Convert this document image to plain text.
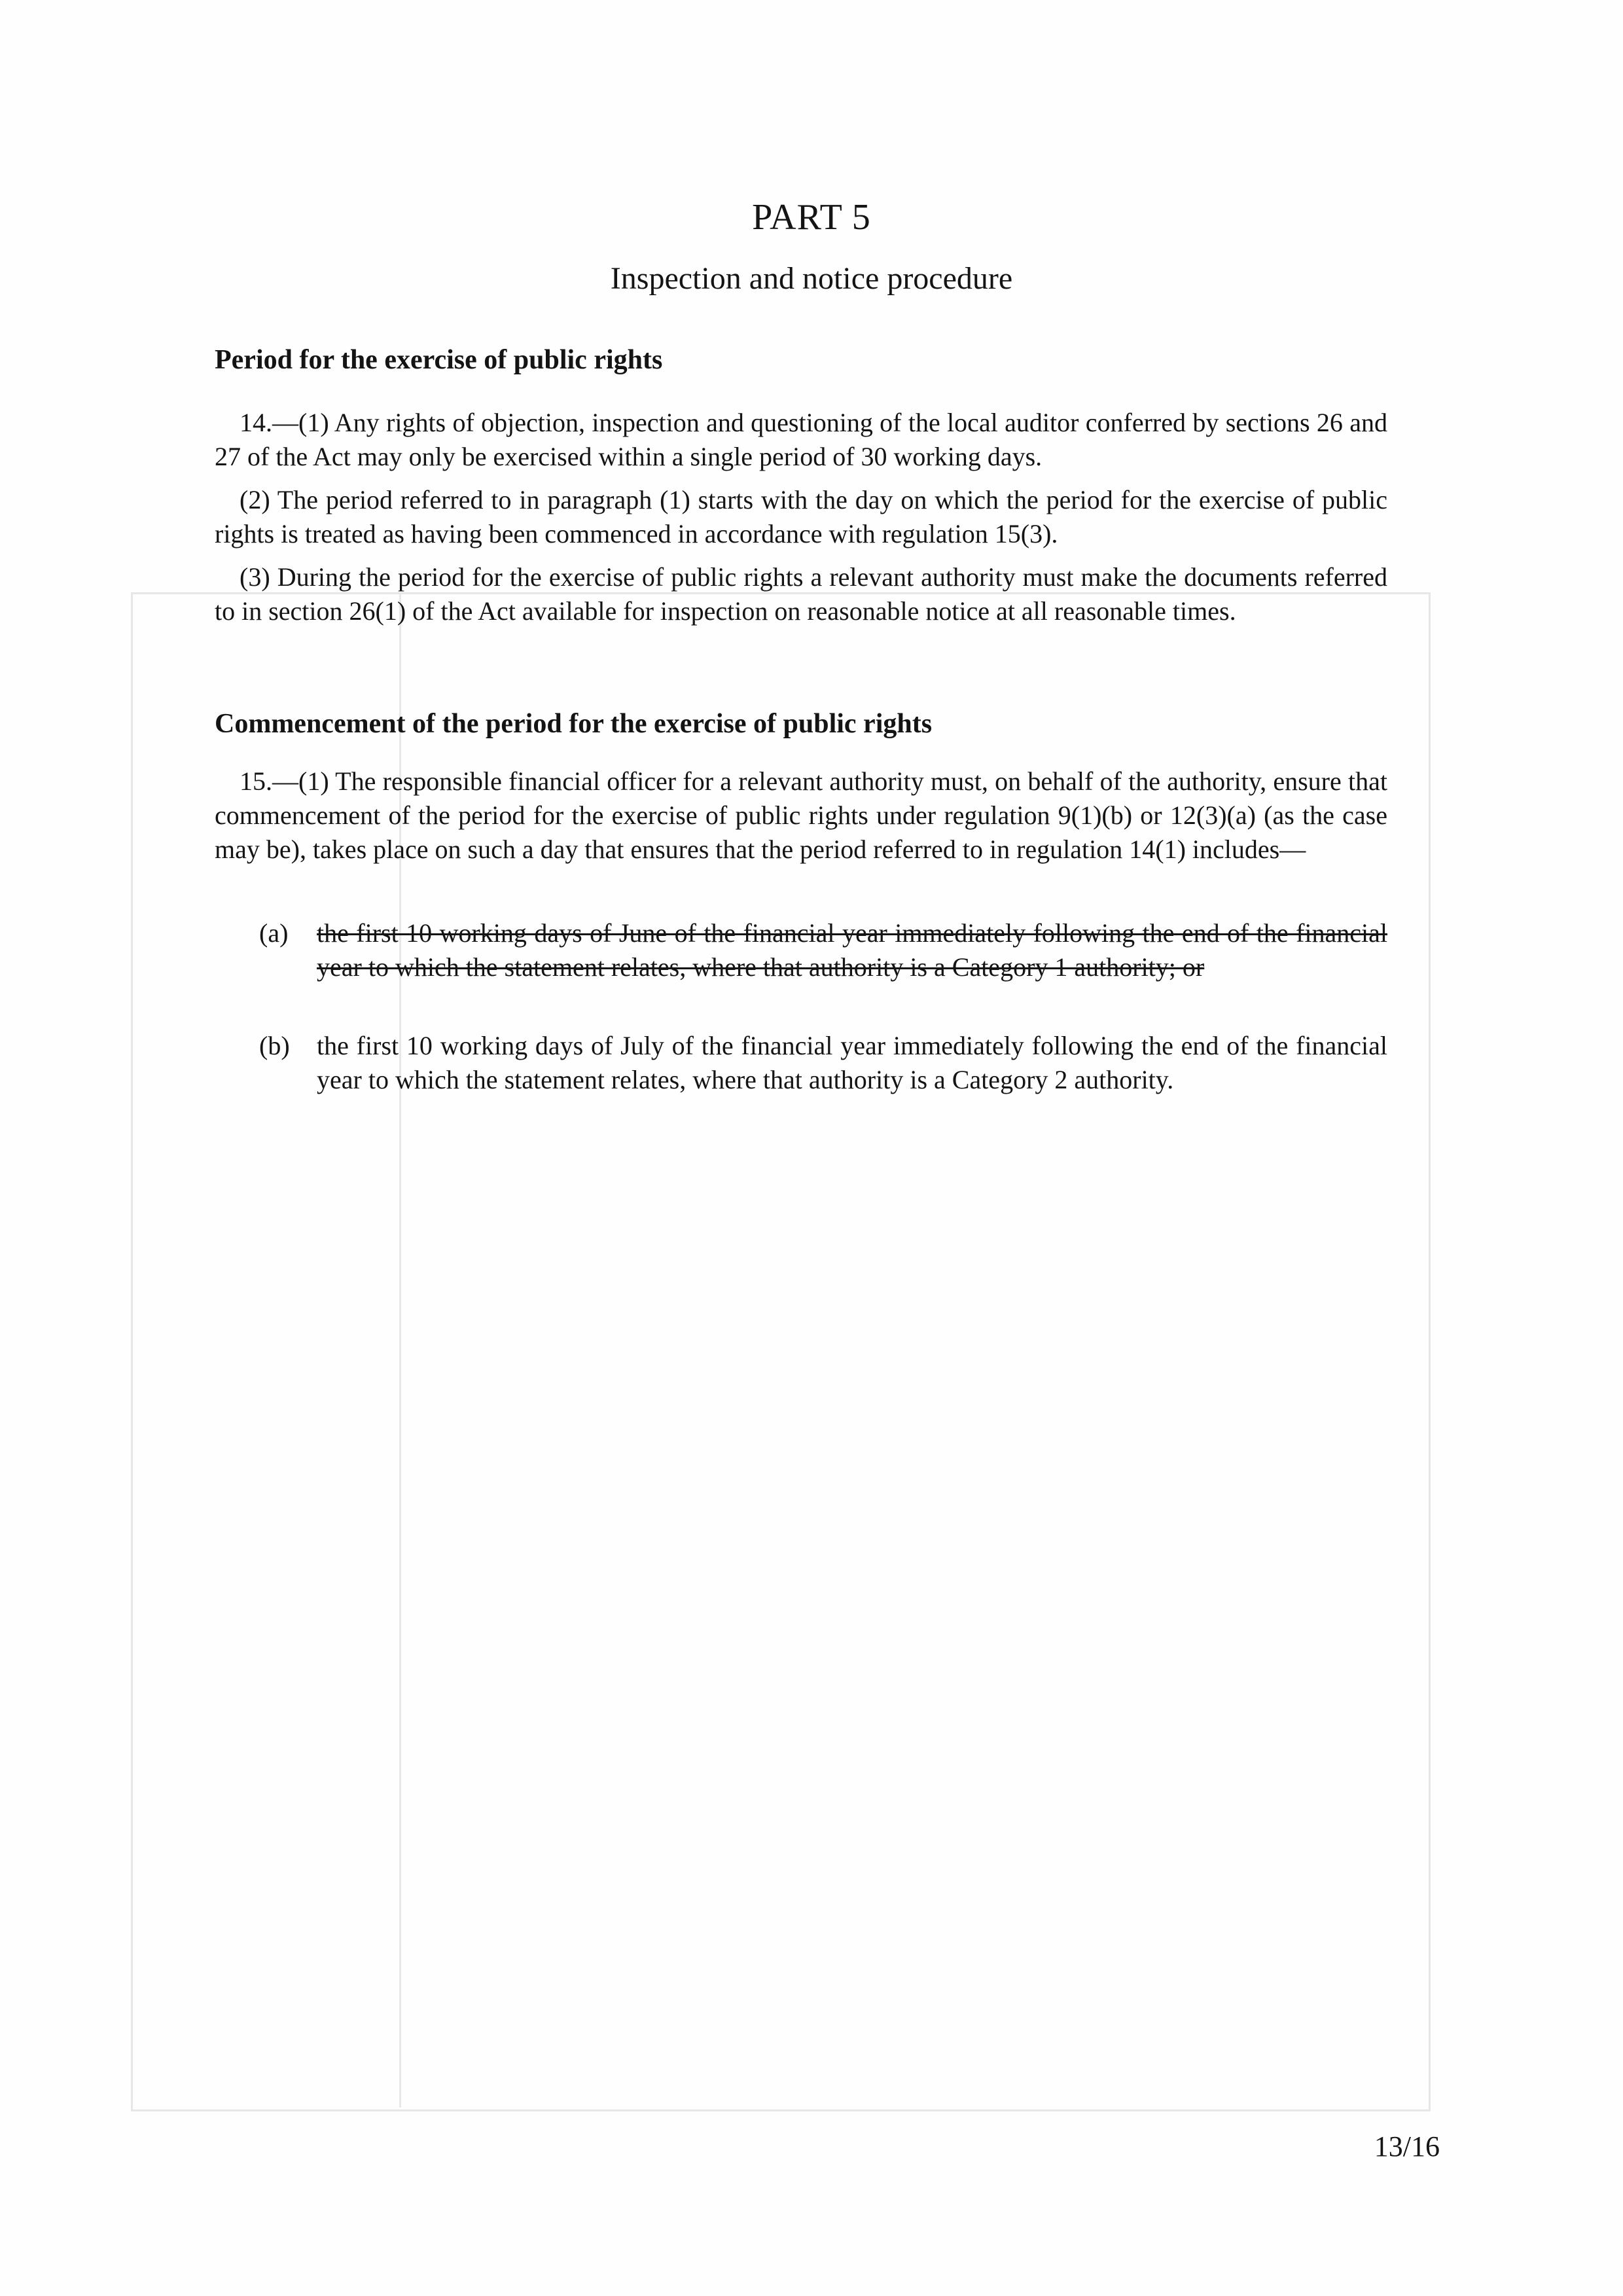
PART 5
Inspection and notice procedure
Period for the exercise of public rights

14.—(1) Any rights of objection, inspection and questioning of the local auditor conferred by sections 26 and 27 of the Act may only be exercised within a single period of 30 working days.

(2) The period referred to in paragraph (1) starts with the day on which the period for the exercise of public rights is treated as having been commenced in accordance with regulation 15(3).

(3) During the period for the exercise of public rights a relevant authority must make the documents referred to in section 26(1) of the Act available for inspection on reasonable notice at all reasonable times.

Commencement of the period for the exercise of public rights

15.—(1) The responsible financial officer for a relevant authority must, on behalf of the authority, ensure that commencement of the period for the exercise of public rights under regulation 9(1)(b) or 12(3)(a) (as the case may be), takes place on such a day that ensures that the period referred to in regulation 14(1) includes—

(a) the first 10 working days of June of the financial year immediately following the end of the financial year to which the statement relates, where that authority is a Category 1 authority; or
(b) the first 10 working days of July of the financial year immediately following the end of the financial year to which the statement relates, where that authority is a Category 2 authority.
13/16
